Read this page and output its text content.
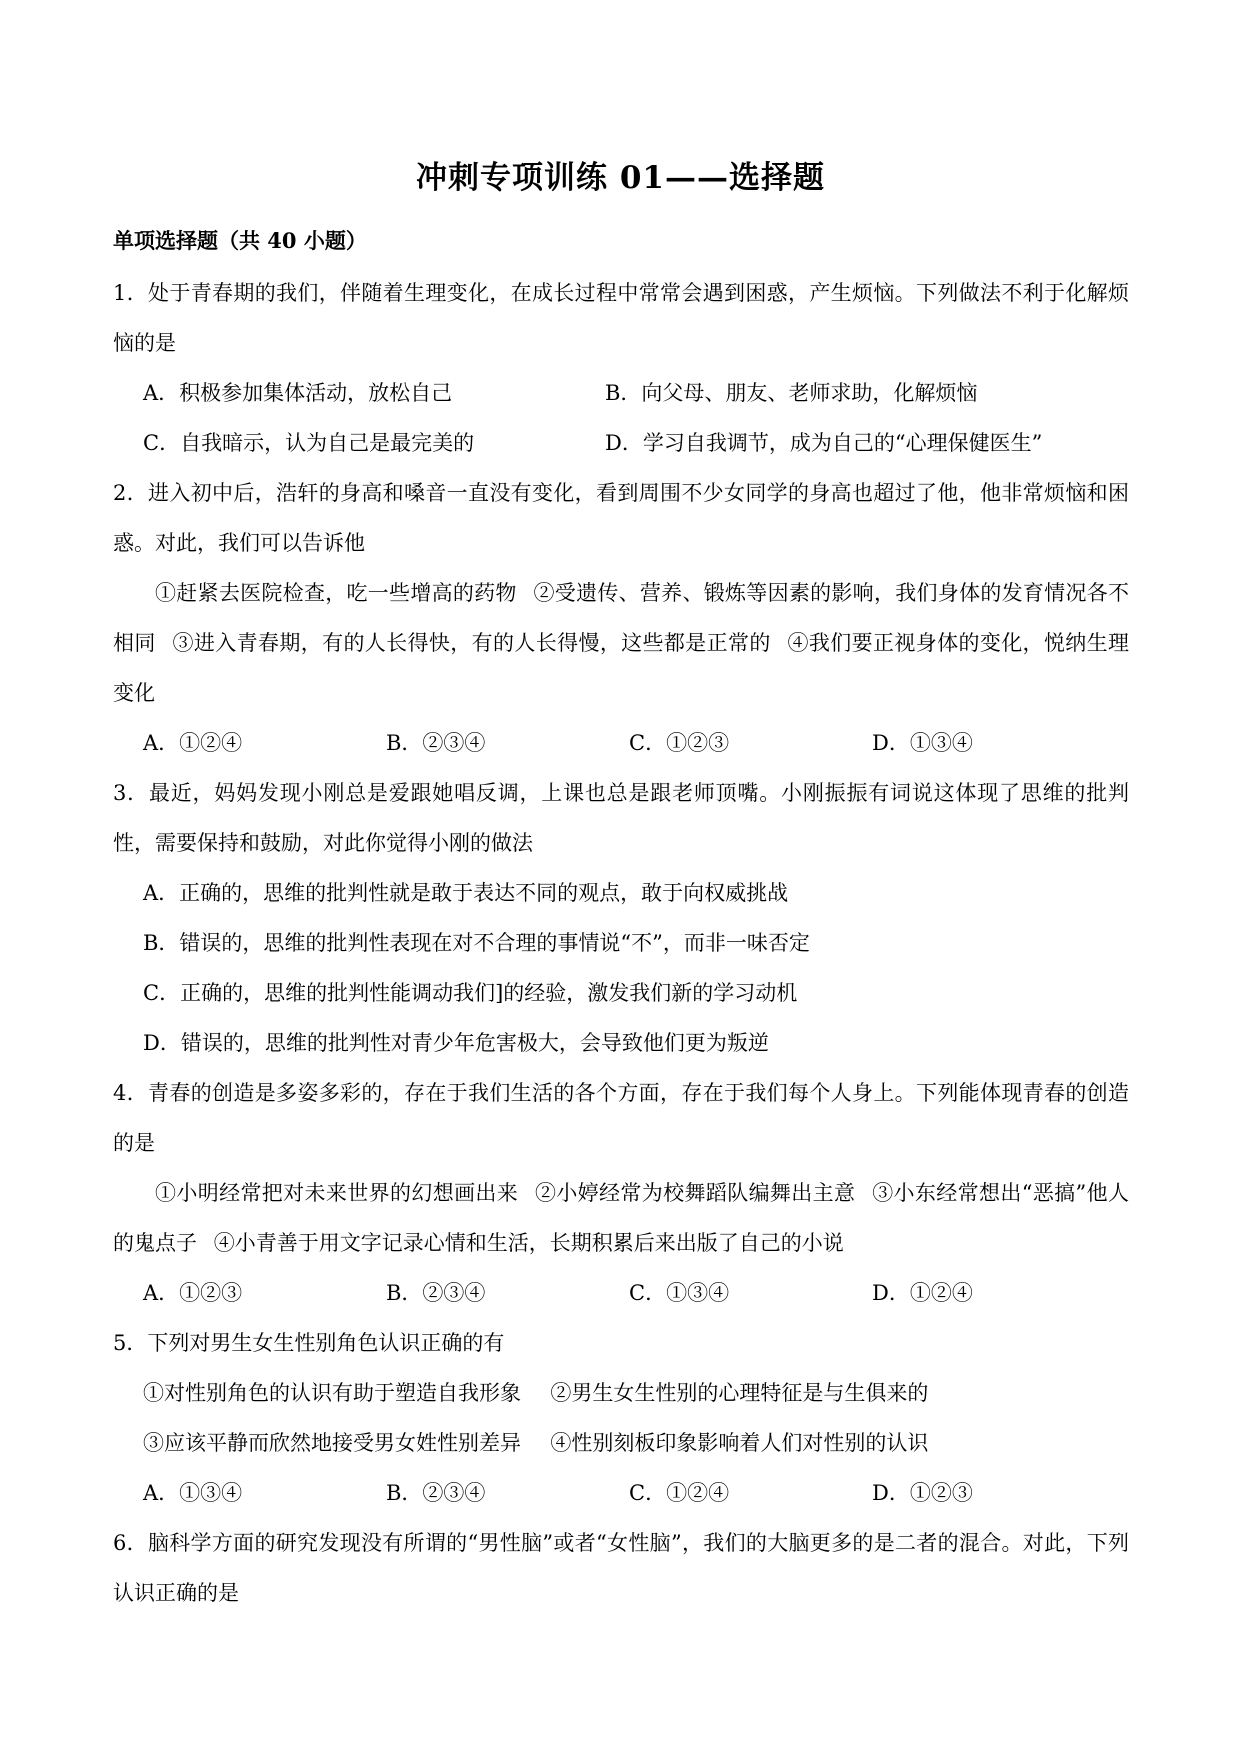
冲刺专项训练 01——选择题
单项选择题（共 40 小题）
1．处于青春期的我们，伴随着生理变化，在成长过程中常常会遇到困惑，产生烦恼。下列做法不利于化解烦恼的是
A．积极参加集体活动，放松自己	B．向父母、朋友、老师求助，化解烦恼
C．自我暗示，认为自己是最完美的	D．学习自我调节，成为自己的“心理保健医生”
2．进入初中后，浩轩的身高和嗓音一直没有变化，看到周围不少女同学的身高也超过了他，他非常烦恼和困惑。对此，我们可以告诉他
①赶紧去医院检查，吃一些增高的药物 ②受遗传、营养、锻炼等因素的影响，我们身体的发育情况各不相同 ③进入青春期，有的人长得快，有的人长得慢，这些都是正常的 ④我们要正视身体的变化，悦纳生理变化
A．①②④	B．②③④	C．①②③	D．①③④
3．最近，妈妈发现小刚总是爱跟她唱反调，上课也总是跟老师顶嘴。小刚振振有词说这体现了思维的批判性，需要保持和鼓励，对此你觉得小刚的做法
A．正确的，思维的批判性就是敢于表达不同的观点，敢于向权威挑战
B．错误的，思维的批判性表现在对不合理的事情说“不”，而非一味否定
C．正确的，思维的批判性能调动我们]的经验，激发我们新的学习动机
D．错误的，思维的批判性对青少年危害极大，会导致他们更为叛逆
4．青春的创造是多姿多彩的，存在于我们生活的各个方面，存在于我们每个人身上。下列能体现青春的创造的是
①小明经常把对未来世界的幻想画出来 ②小婷经常为校舞蹈队编舞出主意 ③小东经常想出“恶搞”他人的鬼点子 ④小青善于用文字记录心情和生活，长期积累后来出版了自己的小说
A．①②③	B．②③④	C．①③④	D．①②④
5．下列对男生女生性别角色认识正确的有
①对性别角色的认识有助于塑造自我形象 ②男生女生性别的心理特征是与生俱来的
③应该平静而欣然地接受男女姓性别差异 ④性别刻板印象影响着人们对性别的认识
A．①③④	B．②③④	C．①②④	D．①②③
6．脑科学方面的研究发现没有所谓的“男性脑”或者“女性脑”，我们的大脑更多的是二者的混合。对此，下列认识正确的是
